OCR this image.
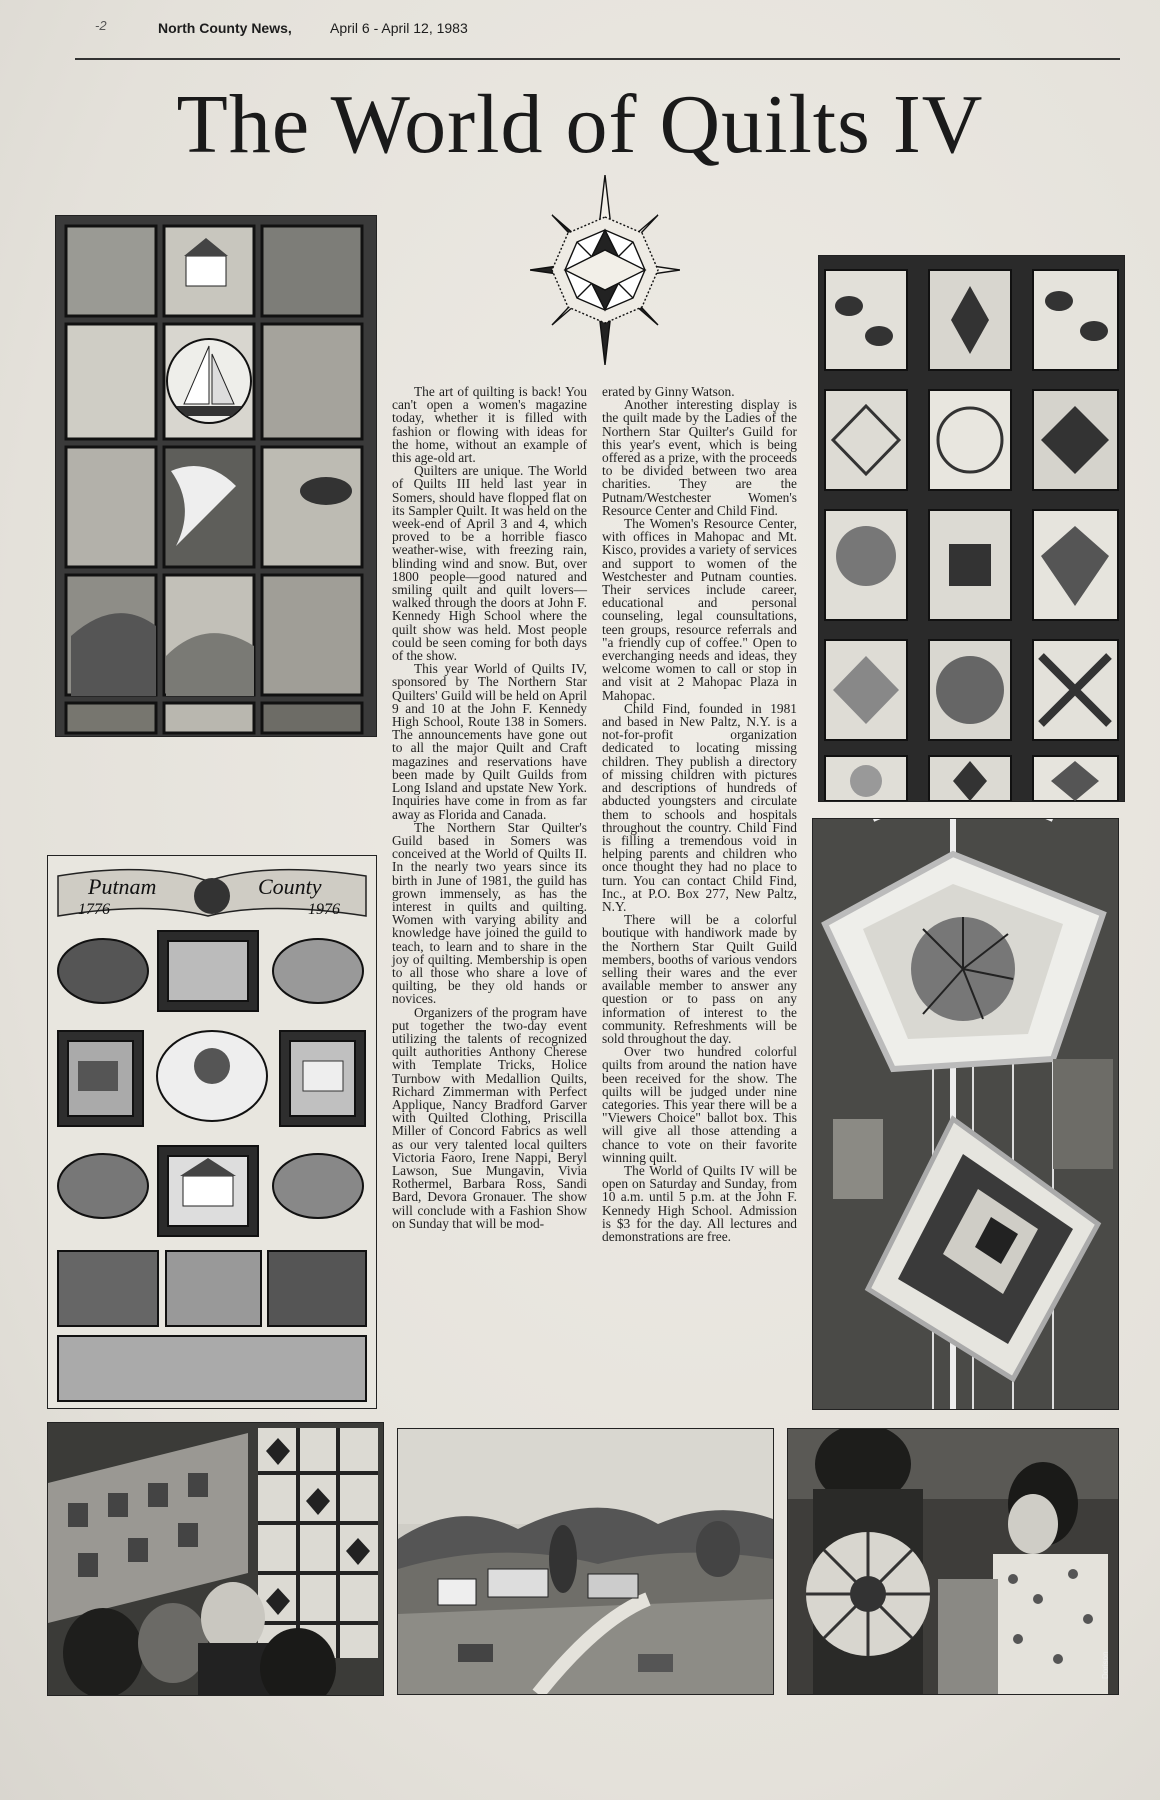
-2	North County News,	April 6 - April 12, 1983
The World of Quilts IV
Putnam	County
1776	1976
Dorison

The art of quilting is back! You can't open a women's magazine today, whether it is filled with fashion or flowing with ideas for the home, without an example of this age-old art.

Quilters are unique. The World of Quilts III held last year in Somers, should have flopped flat on its Sampler Quilt. It was held on the week-end of April 3 and 4, which proved to be a horrible fiasco weather-wise, with freezing rain, blinding wind and snow. But, over 1800 people—good natured and smiling quilt and quilt lovers—walked through the doors at John F. Kennedy High School where the quilt show was held. Most people could be seen coming for both days of the show.

This year World of Quilts IV, sponsored by The Northern Star Quilters' Guild will be held on April 9 and 10 at the John F. Kennedy High School, Route 138 in Somers. The announcements have gone out to all the major Quilt and Craft magazines and reservations have been made by Quilt Guilds from Long Island and upstate New York. Inquiries have come in from as far away as Florida and Canada.

The Northern Star Quilter's Guild based in Somers was conceived at the World of Quilts II. In the nearly two years since its birth in June of 1981, the guild has grown immensely, as has the interest in quilts and quilting. Women with varying ability and knowledge have joined the guild to teach, to learn and to share in the joy of quilting. Membership is open to all those who share a love of quilting, be they old hands or novices.

Organizers of the program have put together the two-day event utilizing the talents of recognized quilt authorities Anthony Cherese with Template Tricks, Holice Turnbow with Medallion Quilts, Richard Zimmerman with Perfect Applique, Nancy Bradford Garver with Quilted Clothing, Priscilla Miller of Concord Fabrics as well as our very talented local quilters Victoria Faoro, Irene Nappi, Beryl Lawson, Sue Mungavin, Vivia Rothermel, Barbara Ross, Sandi Bard, Devora Gronauer. The show will conclude with a Fashion Show on Sunday that will be mod-

erated by Ginny Watson.

Another interesting display is the quilt made by the Ladies of the Northern Star Quilter's Guild for this year's event, which is being offered as a prize, with the proceeds to be divided between two area charities. They are the Putnam/Westchester Women's Resource Center and Child Find.

The Women's Resource Center, with offices in Mahopac and Mt. Kisco, provides a variety of services and support to women of the Westchester and Putnam counties. Their services include career, educational and personal counseling, legal counsultations, teen groups, resource referrals and "a friendly cup of coffee." Open to everchanging needs and ideas, they welcome women to call or stop in and visit at 2 Mahopac Plaza in Mahopac.

Child Find, founded in 1981 and based in New Paltz, N.Y. is a not-for-profit organization dedicated to locating missing children. They publish a directory of missing children with pictures and descriptions of hundreds of abducted youngsters and circulate them to schools and hospitals throughout the country. Child Find is filling a tremendous void in helping parents and children who once thought they had no place to turn. You can contact Child Find, Inc., at P.O. Box 277, New Paltz, N.Y.

There will be a colorful boutique with handiwork made by the Northern Star Quilt Guild members, booths of various vendors selling their wares and the ever available member to answer any question or to pass on any information of interest to the community. Refreshments will be sold throughout the day.

Over two hundred colorful quilts from around the nation have been received for the show. The quilts will be judged under nine categories. This year there will be a "Viewers Choice" ballot box. This will give all those attending a chance to vote on their favorite winning quilt.

The World of Quilts IV will be open on Saturday and Sunday, from 10 a.m. until 5 p.m. at the John F. Kennedy High School. Admission is $3 for the day. All lectures and demonstrations are free.
